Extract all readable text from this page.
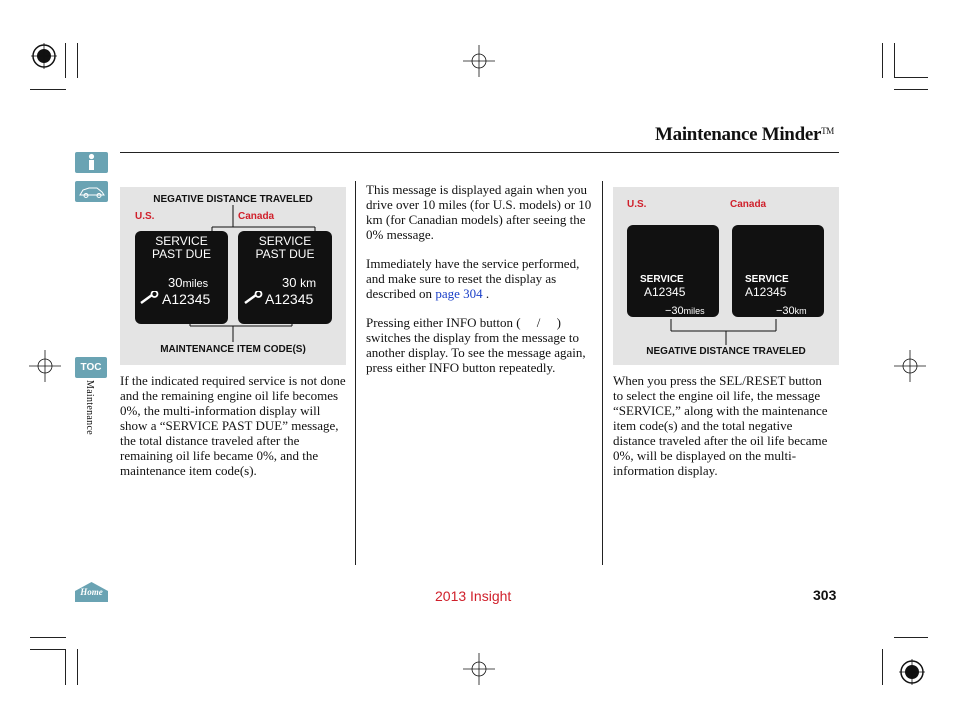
Maintenance Minder™
TOC
Maintenance
Home
NEGATIVE DISTANCE TRAVELED
U.S.	Canada
SERVICE
PAST DUE
30miles
A12345
SERVICE
PAST DUE
30 km
A12345
MAINTENANCE ITEM CODE(S)
U.S.	Canada
SERVICE
A12345
−30miles
SERVICE
A12345
−30km
NEGATIVE DISTANCE TRAVELED

If the indicated required service is not done and the remaining engine oil life becomes 0%, the multi-information display will show a “SERVICE PAST DUE” message, the total distance traveled after the remaining oil life became 0%, and the maintenance item code(s).

This message is displayed again when you drive over 10 miles (for U.S. models) or 10 km (for Canadian models) after seeing the 0% message.

Immediately have the service performed, and make sure to reset the display as described on page 304 .

Pressing either INFO button (  /  ) switches the display from the message to another display. To see the message again, press either INFO button repeatedly.

When you press the SEL/RESET button to select the engine oil life, the message “SERVICE,” along with the maintenance item code(s) and the total negative distance traveled after the oil life became 0%, will be displayed on the multi-information display.

2013 Insight	303
